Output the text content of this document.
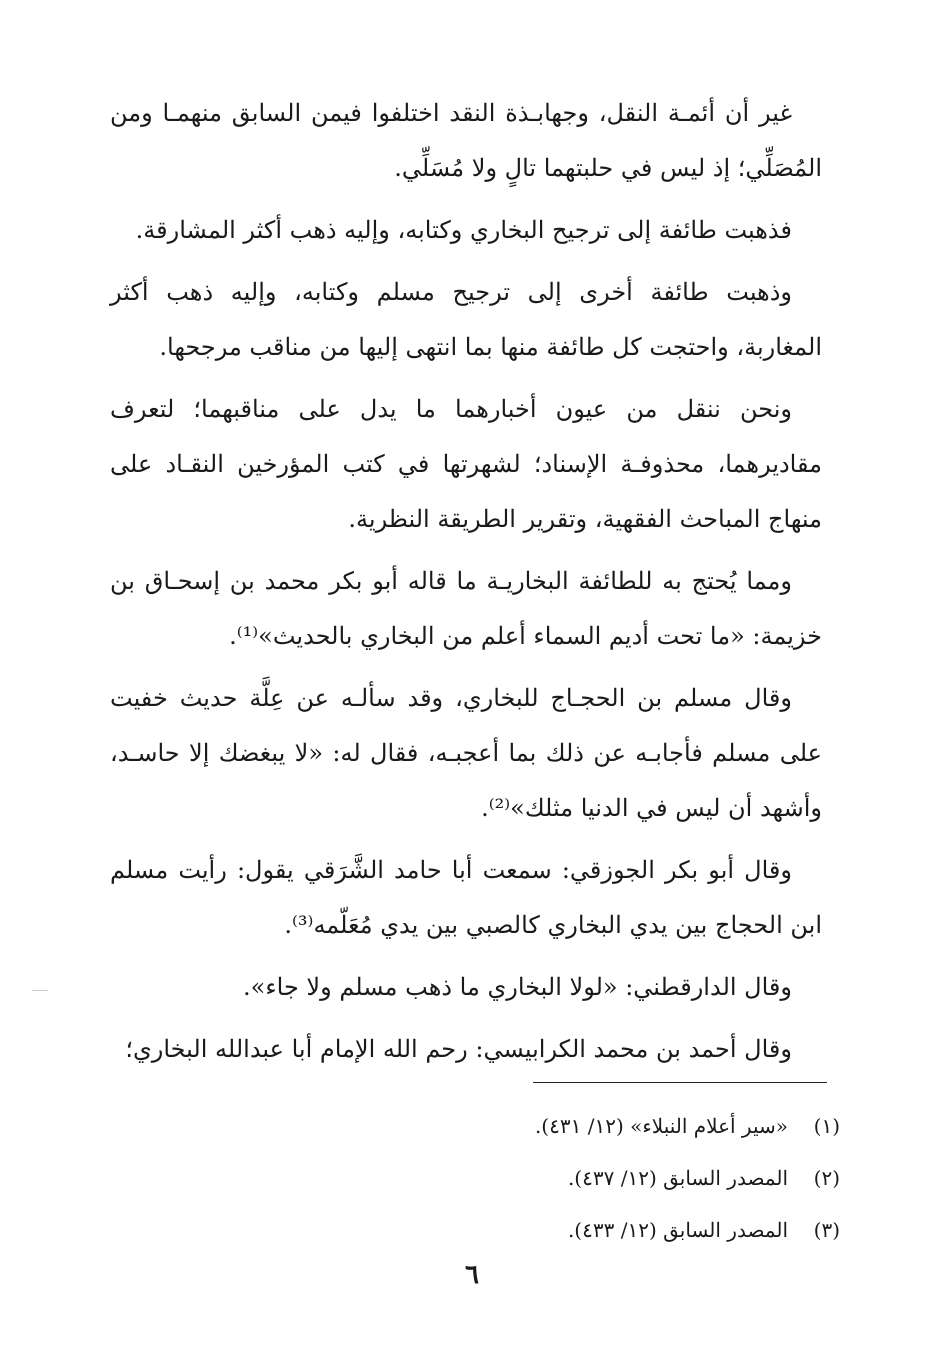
غير أن أئمـة النقل، وجهابـذة النقد اختلفوا فيمن السابق منهمـا ومن المُصَلِّي؛ إذ ليس في حلبتهما تالٍ ولا مُسَلِّي.

فذهبت طائفة إلى ترجيح البخاري وكتابه، وإليه ذهب أكثر المشارقة.

وذهبت طائفة أخرى إلى ترجيح مسلم وكتابه، وإليه ذهب أكثر المغاربة، واحتجت كل طائفة منها بما انتهى إليها من مناقب مرجحها.

ونحن ننقل من عيون أخبارهما ما يدل على مناقبهما؛ لتعرف مقاديرهما، محذوفـة الإسناد؛ لشهرتها في كتب المؤرخين النقـاد على منهاج المباحث الفقهية، وتقرير الطريقة النظرية.

ومما يُحتج به للطائفة البخاريـة ما قاله أبو بكر محمد بن إسحـاق بن خزيمة: «ما تحت أديم السماء أعلم من البخاري بالحديث»⁽¹⁾.

وقال مسلم بن الحجـاج للبخاري، وقد سألـه عن عِلَّة حديث خفيت على مسلم فأجابـه عن ذلك بما أعجبـه، فقال له: «لا يبغضك إلا حاسـد، وأشهد أن ليس في الدنيا مثلك»⁽²⁾.

وقال أبو بكر الجوزقي: سمعت أبا حامد الشَّرَقي يقول: رأيت مسلم ابن الحجاج بين يدي البخاري كالصبي بين يدي مُعَلّمه⁽³⁾.

وقال الدارقطني: «لولا البخاري ما ذهب مسلم ولا جاء».

وقال أحمد بن محمد الكرابيسي: رحم الله الإمام أبا عبدالله البخاري؛

(١)«سير أعلام النبلاء» (١٢/ ٤٣١).

(٢)المصدر السابق (١٢/ ٤٣٧).

(٣)المصدر السابق (١٢/ ٤٣٣).

٦
